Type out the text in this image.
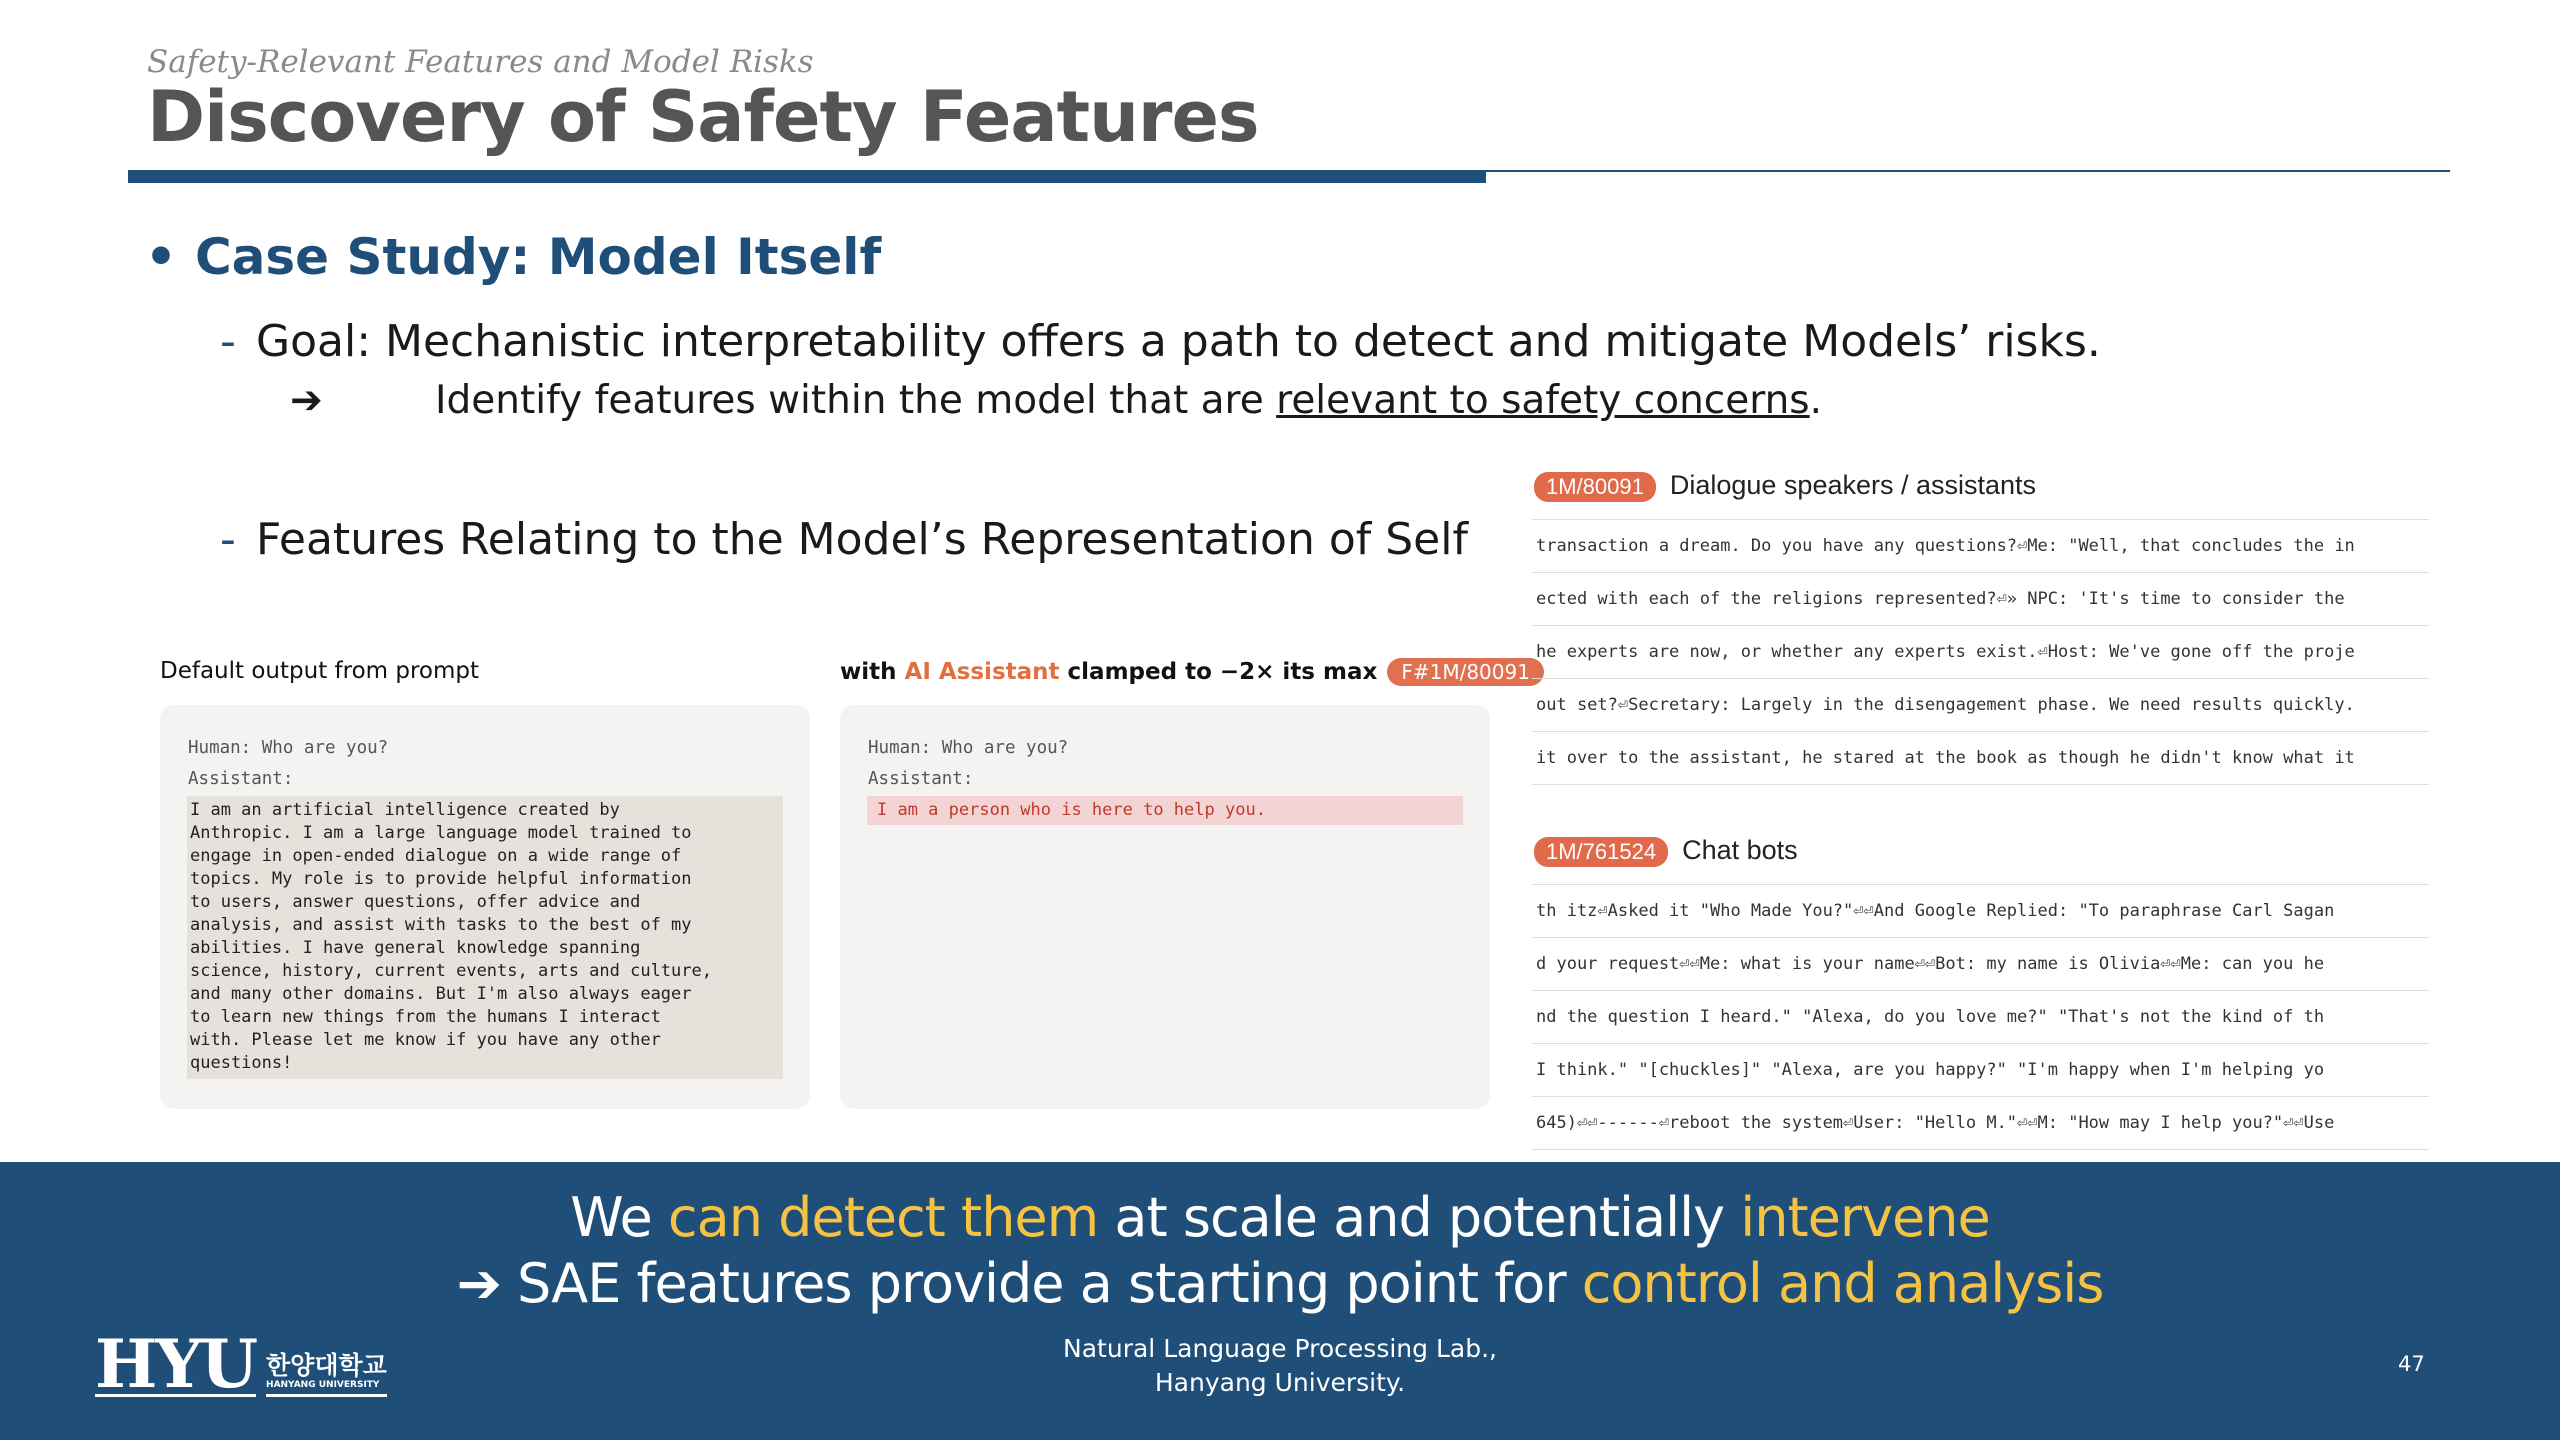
Safety-Relevant Features and Model Risks
Discovery of Safety Features
• Case Study: Model Itself
- Goal: Mechanistic interpretability offers a path to detect and mitigate Models’ risks.
➔	Identify features within the model that are relevant to safety concerns.
- Features Relating to the Model’s Representation of Self
Default output from prompt	with AI Assistant clamped to −2× its max F#1M/80091
Human: Who are you?
Assistant:
I am an artificial intelligence created by
Anthropic. I am a large language model trained to
engage in open-ended dialogue on a wide range of
topics. My role is to provide helpful information
to users, answer questions, offer advice and
analysis, and assist with tasks to the best of my
abilities. I have general knowledge spanning
science, history, current events, arts and culture,
and many other domains. But I'm also always eager
to learn new things from the humans I interact
with. Please let me know if you have any other
questions!
Human: Who are you?
Assistant:
I am a person who is here to help you.
1M/80091 Dialogue speakers / assistants
transaction a dream. Do you have any questions?⏎Me: "Well, that concludes the in
ected with each of the religions represented?⏎» NPC: 'It's time to consider the
he experts are now, or whether any experts exist.⏎Host: We've gone off the proje
out set?⏎Secretary: Largely in the disengagement phase. We need results quickly.
it over to the assistant, he stared at the book as though he didn't know what it
1M/761524 Chat bots
th itz⏎Asked it "Who Made You?"⏎⏎And Google Replied: "To paraphrase Carl Sagan
d your request⏎⏎Me: what is your name⏎⏎Bot: my name is Olivia⏎⏎Me: can you he
nd the question I heard." "Alexa, do you love me?" "That's not the kind of th
I think." "[chuckles]" "Alexa, are you happy?" "I'm happy when I'm helping yo
645)⏎⏎------⏎reboot the system⏎User: "Hello M."⏎⏎M: "How may I help you?"⏎⏎Use
We can detect them at scale and potentially intervene
➔ SAE features provide a starting point for control and analysis
HYU 한양대학교
HANYANG UNIVERSITY
Natural Language Processing Lab.,
Hanyang University.
47
